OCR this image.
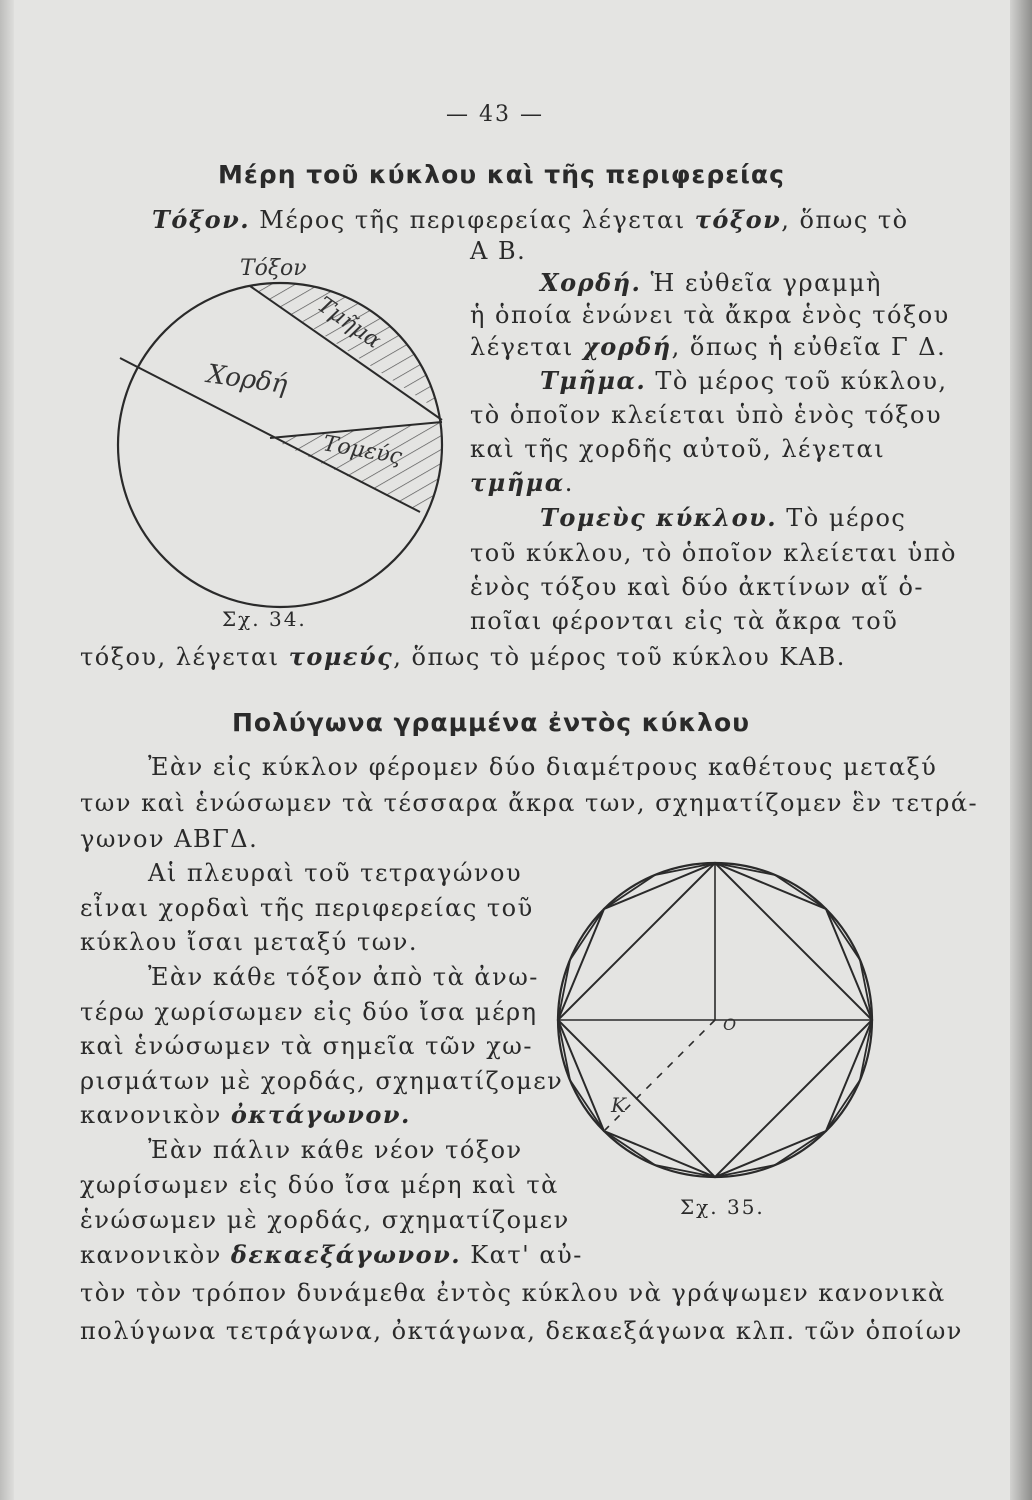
— 43 —
Μέρη τοῦ κύκλου καὶ τῆς περιφερείας
Τόξον. Μέρος τῆς περιφερείας λέγεται τόξον, ὅπως τὸ
Α Β.
Χορδή. Ἡ εὐθεῖα γραμμὴ
ἡ ὁποία ἑνώνει τὰ ἄκρα ἑνὸς τόξου
λέγεται χορδή, ὅπως ἡ εὐθεῖα Γ Δ.
Τμῆμα. Τὸ μέρος τοῦ κύκλου,
τὸ ὁποῖον κλείεται ὑπὸ ἑνὸς τόξου
καὶ τῆς χορδῆς αὐτοῦ, λέγεται
τμῆμα.
Τομεὺς κύκλου. Τὸ μέρος
τοῦ κύκλου, τὸ ὁποῖον κλείεται ὑπὸ
ἑνὸς τόξου καὶ δύο ἀκτίνων αἵ ὁ-
ποῖαι φέρονται εἰς τὰ ἄκρα τοῦ
τόξου, λέγεται τομεύς, ὅπως τὸ μέρος τοῦ κύκλου ΚΑΒ.
Τόξον
Χορδή
Τμῆμα
Τομεύς
Σχ. 34.
Πολύγωνα γραμμένα ἐντὸς κύκλου
Ἐὰν εἰς κύκλον φέρομεν δύο διαμέτρους καθέτους μεταξύ
των καὶ ἑνώσωμεν τὰ τέσσαρα ἄκρα των, σχηματίζομεν ἓν τετρά-
γωνον ΑΒΓΔ.
Αἱ πλευραὶ τοῦ τετραγώνου
εἶναι χορδαὶ τῆς περιφερείας τοῦ
κύκλου ἴσαι μεταξύ των.
Ἐὰν κάθε τόξον ἀπὸ τὰ ἀνω-
τέρω χωρίσωμεν εἰς δύο ἴσα μέρη
καὶ ἑνώσωμεν τὰ σημεῖα τῶν χω-
ρισμάτων μὲ χορδάς, σχηματίζομεν
κανονικὸν ὀκτάγωνον.
Ἐὰν πάλιν κάθε νέον τόξον
χωρίσωμεν εἰς δύο ἴσα μέρη καὶ τὰ
ἑνώσωμεν μὲ χορδάς, σχηματίζομεν
κανονικὸν δεκαεξάγωνον. Κατ' αὐ-
τὸν τὸν τρόπον δυνάμεθα ἐντὸς κύκλου νὰ γράψωμεν κανονικὰ
πολύγωνα τετράγωνα, ὀκτάγωνα, δεκαεξάγωνα κλπ. τῶν ὁποίων
Ο
Κ
Σχ. 35.
